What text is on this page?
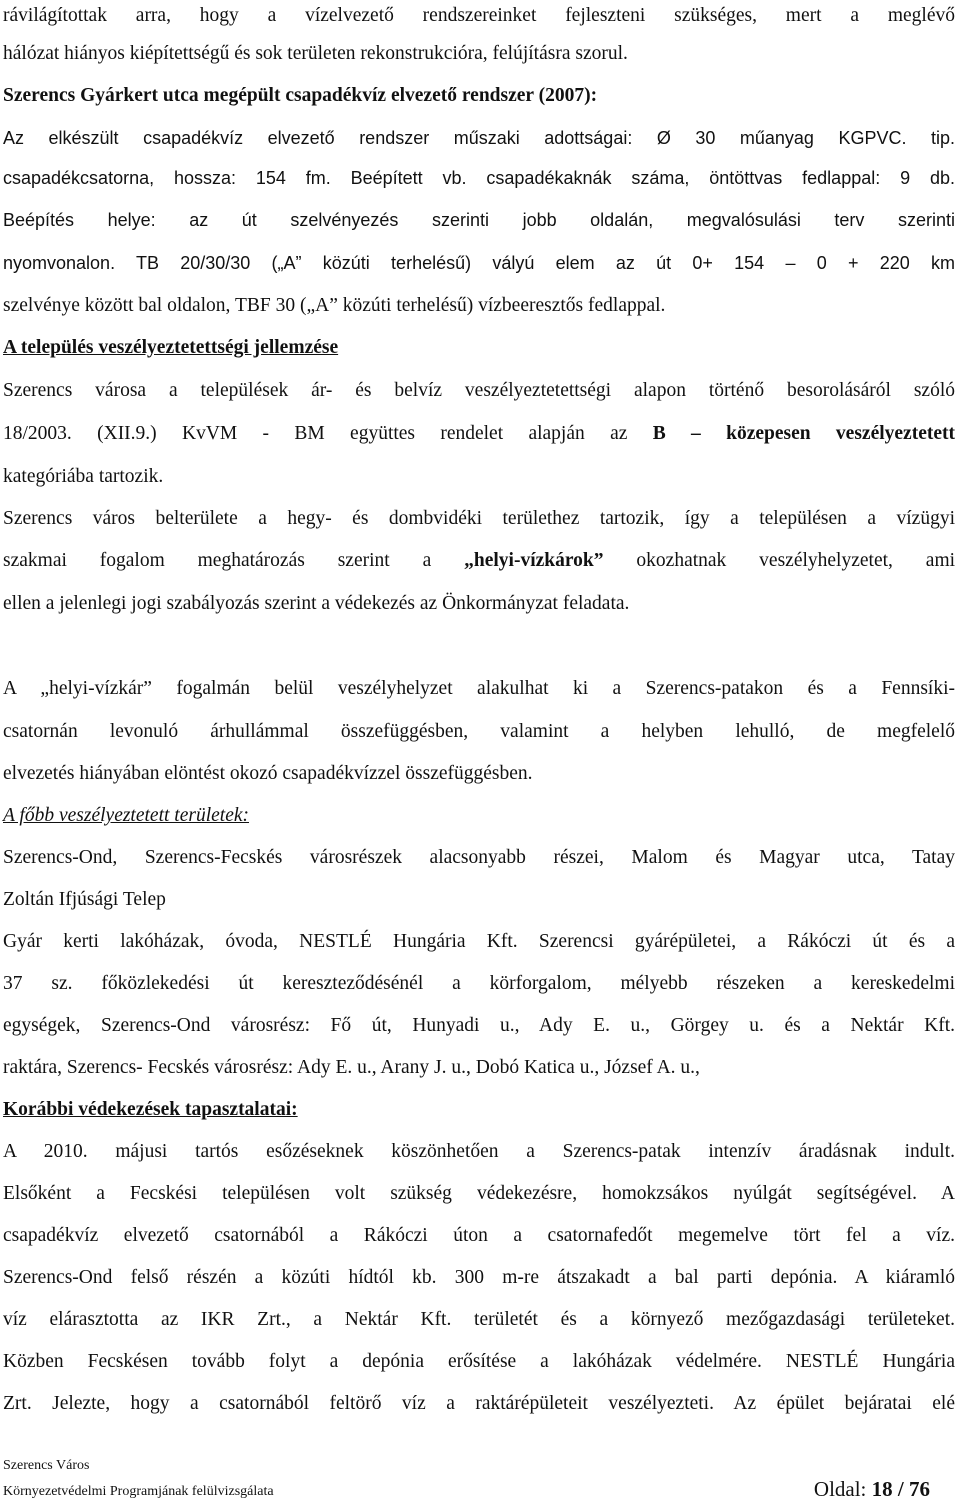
rávilágítottak arra, hogy a vízelvezető rendszereinket fejleszteni szükséges, mert a meglévő
hálózat hiányos kiépítettségű és sok területen rekonstrukcióra, felújításra szorul.
Szerencs Gyárkert utca megépült csapadékvíz elvezető rendszer (2007):
Az elkészült csapadékvíz elvezető rendszer műszaki adottságai: Ø 30 műanyag KGPVC. tip.
csapadékcsatorna, hossza: 154 fm. Beépített vb. csapadékaknák száma, öntöttvas fedlappal: 9 db.
Beépítés helye: az út szelvényezés szerinti jobb oldalán, megvalósulási terv szerinti
nyomvonalon. TB 20/30/30 („A” közúti terhelésű) vályú elem az út 0+ 154 – 0 + 220 km
szelvénye között bal oldalon, TBF 30 („A” közúti terhelésű) vízbeeresztős fedlappal.
A település veszélyeztetettségi jellemzése
Szerencs városa a települések ár- és belvíz veszélyeztetettségi alapon történő besorolásáról szóló
18/2003. (XII.9.) KvVM - BM együttes rendelet alapján az B – közepesen veszélyeztetett
kategóriába tartozik.
Szerencs város belterülete a hegy- és dombvidéki területhez tartozik, így a településen a vízügyi
szakmai fogalom meghatározás szerint a „helyi-vízkárok” okozhatnak veszélyhelyzetet, ami
ellen a jelenlegi jogi szabályozás szerint a védekezés az Önkormányzat feladata.
A „helyi-vízkár” fogalmán belül veszélyhelyzet alakulhat ki a Szerencs-patakon és a Fennsíki-
csatornán levonuló árhullámmal összefüggésben, valamint a helyben lehulló, de megfelelő
elvezetés hiányában elöntést okozó csapadékvízzel összefüggésben.
A főbb veszélyeztetett területek:
Szerencs-Ond, Szerencs-Fecskés városrészek alacsonyabb részei, Malom és Magyar utca, Tatay
Zoltán Ifjúsági Telep
Gyár kerti lakóházak, óvoda, NESTLÉ Hungária Kft. Szerencsi gyárépületei, a Rákóczi út és a
37 sz. főközlekedési út kereszteződésénél a körforgalom, mélyebb részeken a kereskedelmi
egységek, Szerencs-Ond városrész: Fő út, Hunyadi u., Ady E. u., Görgey u. és a Nektár Kft.
raktára, Szerencs- Fecskés városrész: Ady E. u., Arany J. u., Dobó Katica u., József A. u.,
Korábbi védekezések tapasztalatai:
A 2010. májusi tartós esőzéseknek köszönhetően a Szerencs-patak intenzív áradásnak indult.
Elsőként a Fecskési településen volt szükség védekezésre, homokzsákos nyúlgát segítségével. A
csapadékvíz elvezető csatornából a Rákóczi úton a csatornafedőt megemelve tört fel a víz.
Szerencs-Ond felső részén a közúti hídtól kb. 300 m-re átszakadt a bal parti depónia. A kiáramló
víz elárasztotta az IKR Zrt., a Nektár Kft. területét és a környező mezőgazdasági területeket.
Közben Fecskésen tovább folyt a depónia erősítése a lakóházak védelmére. NESTLÉ Hungária
Zrt. Jelezte, hogy a csatornából feltörő víz a raktárépületeit veszélyezteti. Az épület bejáratai elé
Szerencs Város
Környezetvédelmi Programjának felülvizsgálata	Oldal: 18 / 76
